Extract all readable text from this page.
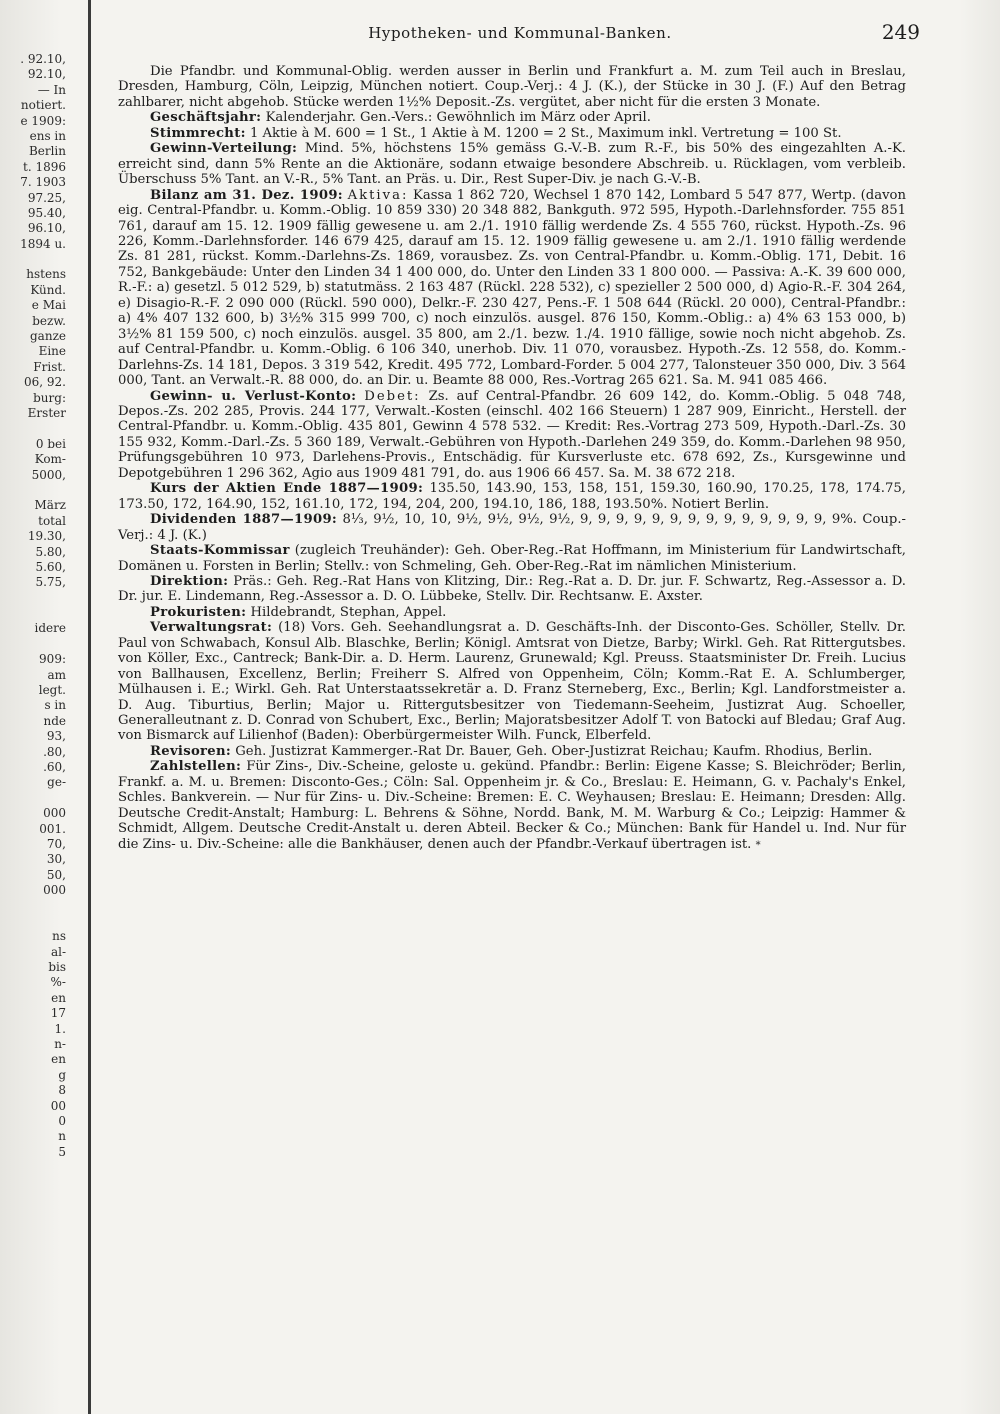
. 92.10,
92.10,
— In
notiert.
e 1909:
ens in
Berlin
t. 1896
7. 1903
97.25,
95.40,
96.10,
1894 u.
hstens
Künd.
e Mai
bezw.
ganze
Eine
Frist.
06, 92.
burg:
Erster
0 bei
Kom-
5000,
März
total
19.30,
5.80,
5.60,
5.75,
idere
909:
am
legt.
s in
nde
93,
.80,
.60,
ge-
000
001.
70,
30,
50,
000
ns
al-
bis
%-
en
17
1.
n-
en
g
8
00
0
n
5
Hypotheken- und Kommunal-Banken.	249

Die Pfandbr. und Kommunal-Oblig. werden ausser in Berlin und Frankfurt a. M. zum Teil auch in Breslau, Dresden, Hamburg, Cöln, Leipzig, München notiert. Coup.-Verj.: 4 J. (K.), der Stücke in 30 J. (F.) Auf den Betrag zahlbarer, nicht abgehob. Stücke werden 1½% Deposit.-Zs. vergütet, aber nicht für die ersten 3 Monate.

Geschäftsjahr: Kalenderjahr. Gen.-Vers.: Gewöhnlich im März oder April.

Stimmrecht: 1 Aktie à M. 600 = 1 St., 1 Aktie à M. 1200 = 2 St., Maximum inkl. Vertretung = 100 St.

Gewinn-Verteilung: Mind. 5%, höchstens 15% gemäss G.-V.-B. zum R.-F., bis 50% des eingezahlten A.-K. erreicht sind, dann 5% Rente an die Aktionäre, sodann etwaige besondere Abschreib. u. Rücklagen, vom verbleib. Überschuss 5% Tant. an V.-R., 5% Tant. an Präs. u. Dir., Rest Super-Div. je nach G.-V.-B.

Bilanz am 31. Dez. 1909: Aktiva: Kassa 1 862 720, Wechsel 1 870 142, Lombard 5 547 877, Wertp. (davon eig. Central-Pfandbr. u. Komm.-Oblig. 10 859 330) 20 348 882, Bankguth. 972 595, Hypoth.-Darlehnsforder. 755 851 761, darauf am 15. 12. 1909 fällig gewesene u. am 2./1. 1910 fällig werdende Zs. 4 555 760, rückst. Hypoth.-Zs. 96 226, Komm.-Darlehnsforder. 146 679 425, darauf am 15. 12. 1909 fällig gewesene u. am 2./1. 1910 fällig werdende Zs. 81 281, rückst. Komm.-Darlehns-Zs. 1869, vorausbez. Zs. von Central-Pfandbr. u. Komm.-Oblig. 171, Debit. 16 752, Bankgebäude: Unter den Linden 34 1 400 000, do. Unter den Linden 33 1 800 000. — Passiva: A.-K. 39 600 000, R.-F.: a) gesetzl. 5 012 529, b) statutmäss. 2 163 487 (Rückl. 228 532), c) spezieller 2 500 000, d) Agio-R.-F. 304 264, e) Disagio-R.-F. 2 090 000 (Rückl. 590 000), Delkr.-F. 230 427, Pens.-F. 1 508 644 (Rückl. 20 000), Central-Pfandbr.: a) 4% 407 132 600, b) 3½% 315 999 700, c) noch einzulös. ausgel. 876 150, Komm.-Oblig.: a) 4% 63 153 000, b) 3½% 81 159 500, c) noch einzulös. ausgel. 35 800, am 2./1. bezw. 1./4. 1910 fällige, sowie noch nicht abgehob. Zs. auf Central-Pfandbr. u. Komm.-Oblig. 6 106 340, unerhob. Div. 11 070, vorausbez. Hypoth.-Zs. 12 558, do. Komm.-Darlehns-Zs. 14 181, Depos. 3 319 542, Kredit. 495 772, Lombard-Forder. 5 004 277, Talonsteuer 350 000, Div. 3 564 000, Tant. an Verwalt.-R. 88 000, do. an Dir. u. Beamte 88 000, Res.-Vortrag 265 621. Sa. M. 941 085 466.

Gewinn- u. Verlust-Konto: Debet: Zs. auf Central-Pfandbr. 26 609 142, do. Komm.-Oblig. 5 048 748, Depos.-Zs. 202 285, Provis. 244 177, Verwalt.-Kosten (einschl. 402 166 Steuern) 1 287 909, Einricht., Herstell. der Central-Pfandbr. u. Komm.-Oblig. 435 801, Gewinn 4 578 532. — Kredit: Res.-Vortrag 273 509, Hypoth.-Darl.-Zs. 30 155 932, Komm.-Darl.-Zs. 5 360 189, Verwalt.-Gebühren von Hypoth.-Darlehen 249 359, do. Komm.-Darlehen 98 950, Prüfungsgebühren 10 973, Darlehens-Provis., Entschädig. für Kursverluste etc. 678 692, Zs., Kursgewinne und Depotgebühren 1 296 362, Agio aus 1909 481 791, do. aus 1906 66 457. Sa. M. 38 672 218.

Kurs der Aktien Ende 1887—1909: 135.50, 143.90, 153, 158, 151, 159.30, 160.90, 170.25, 178, 174.75, 173.50, 172, 164.90, 152, 161.10, 172, 194, 204, 200, 194.10, 186, 188, 193.50%. Notiert Berlin.

Dividenden 1887—1909: 8⅓, 9½, 10, 10, 9½, 9½, 9½, 9½, 9, 9, 9, 9, 9, 9, 9, 9, 9, 9, 9, 9, 9, 9, 9%. Coup.-Verj.: 4 J. (K.)

Staats-Kommissar (zugleich Treuhänder): Geh. Ober-Reg.-Rat Hoffmann, im Ministerium für Landwirtschaft, Domänen u. Forsten in Berlin; Stellv.: von Schmeling, Geh. Ober-Reg.-Rat im nämlichen Ministerium.

Direktion: Präs.: Geh. Reg.-Rat Hans von Klitzing, Dir.: Reg.-Rat a. D. Dr. jur. F. Schwartz, Reg.-Assessor a. D. Dr. jur. E. Lindemann, Reg.-Assessor a. D. O. Lübbeke, Stellv. Dir. Rechtsanw. E. Axster.

Prokuristen: Hildebrandt, Stephan, Appel.

Verwaltungsrat: (18) Vors. Geh. Seehandlungsrat a. D. Geschäfts-Inh. der Disconto-Ges. Schöller, Stellv. Dr. Paul von Schwabach, Konsul Alb. Blaschke, Berlin; Königl. Amtsrat von Dietze, Barby; Wirkl. Geh. Rat Rittergutsbes. von Köller, Exc., Cantreck; Bank-Dir. a. D. Herm. Laurenz, Grunewald; Kgl. Preuss. Staatsminister Dr. Freih. Lucius von Ballhausen, Excellenz, Berlin; Freiherr S. Alfred von Oppenheim, Cöln; Komm.-Rat E. A. Schlumberger, Mülhausen i. E.; Wirkl. Geh. Rat Unterstaatssekretär a. D. Franz Sterneberg, Exc., Berlin; Kgl. Landforstmeister a. D. Aug. Tiburtius, Berlin; Major u. Rittergutsbesitzer von Tiedemann-Seeheim, Justizrat Aug. Schoeller, Generalleutnant z. D. Conrad von Schubert, Exc., Berlin; Majoratsbesitzer Adolf T. von Batocki auf Bledau; Graf Aug. von Bismarck auf Lilienhof (Baden): Oberbürgermeister Wilh. Funck, Elberfeld.

Revisoren: Geh. Justizrat Kammerger.-Rat Dr. Bauer, Geh. Ober-Justizrat Reichau; Kaufm. Rhodius, Berlin.

Zahlstellen: Für Zins-, Div.-Scheine, geloste u. gekünd. Pfandbr.: Berlin: Eigene Kasse; S. Bleichröder; Berlin, Frankf. a. M. u. Bremen: Disconto-Ges.; Cöln: Sal. Oppenheim jr. & Co., Breslau: E. Heimann, G. v. Pachaly's Enkel, Schles. Bankverein. — Nur für Zins- u. Div.-Scheine: Bremen: E. C. Weyhausen; Breslau: E. Heimann; Dresden: Allg. Deutsche Credit-Anstalt; Hamburg: L. Behrens & Söhne, Nordd. Bank, M. M. Warburg & Co.; Leipzig: Hammer & Schmidt, Allgem. Deutsche Credit-Anstalt u. deren Abteil. Becker & Co.; München: Bank für Handel u. Ind. Nur für die Zins- u. Div.-Scheine: alle die Bankhäuser, denen auch der Pfandbr.-Verkauf übertragen ist. *
